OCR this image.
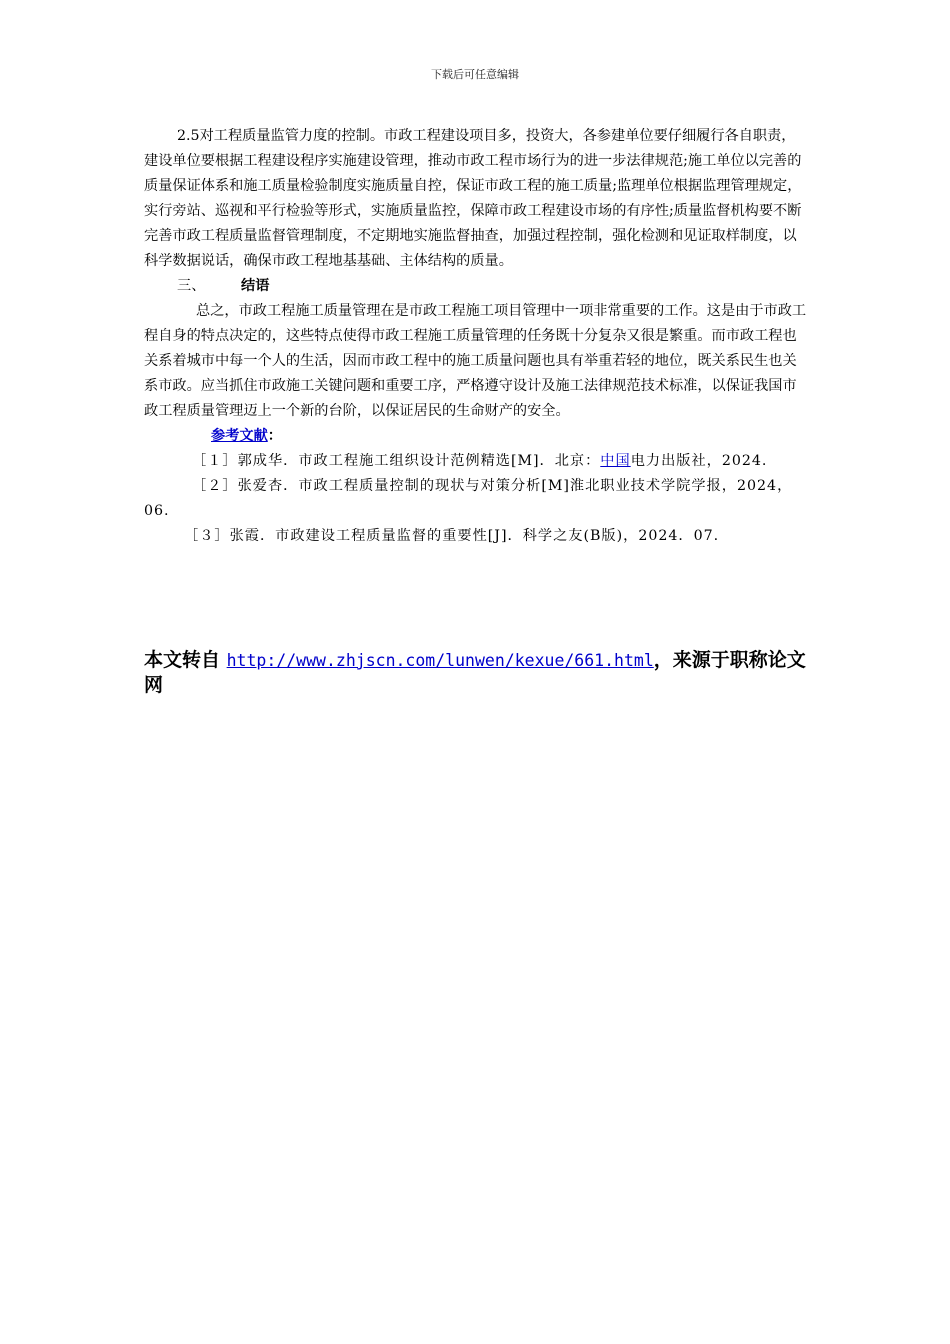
下载后可任意编辑

2.5对工程质量监管力度的控制。市政工程建设项目多，投资大，各参建单位要仔细履行各自职责，建设单位要根据工程建设程序实施建设管理，推动市政工程市场行为的进一步法律规范;施工单位以完善的质量保证体系和施工质量检验制度实施质量自控，保证市政工程的施工质量;监理单位根据监理管理规定，实行旁站、巡视和平行检验等形式，实施质量监控，保障市政工程建设市场的有序性;质量监督机构要不断完善市政工程质量监督管理制度，不定期地实施监督抽查，加强过程控制，强化检测和见证取样制度，以科学数据说话，确保市政工程地基基础、主体结构的质量。

三、	结语

总之，市政工程施工质量管理在是市政工程施工项目管理中一项非常重要的工作。这是由于市政工程自身的特点决定的，这些特点使得市政工程施工质量管理的任务既十分复杂又很是繁重。而市政工程也关系着城市中每一个人的生活，因而市政工程中的施工质量问题也具有举重若轻的地位，既关系民生也关系市政。应当抓住市政施工关键问题和重要工序，严格遵守设计及施工法律规范技术标准，以保证我国市政工程质量管理迈上一个新的台阶，以保证居民的生命财产的安全。

参考文献：

［１］郭成华．市政工程施工组织设计范例精选[M]．北京：中国电力出版社，2024.

［２］张爱杏．市政工程质量控制的现状与对策分析[M]淮北职业技术学院学报，2024，06.

［３］张霞．市政建设工程质量监督的重要性[J]．科学之友(B版)，2024．07.

本文转自 http://www.zhjscn.com/lunwen/kexue/661.html，来源于职称论文网
